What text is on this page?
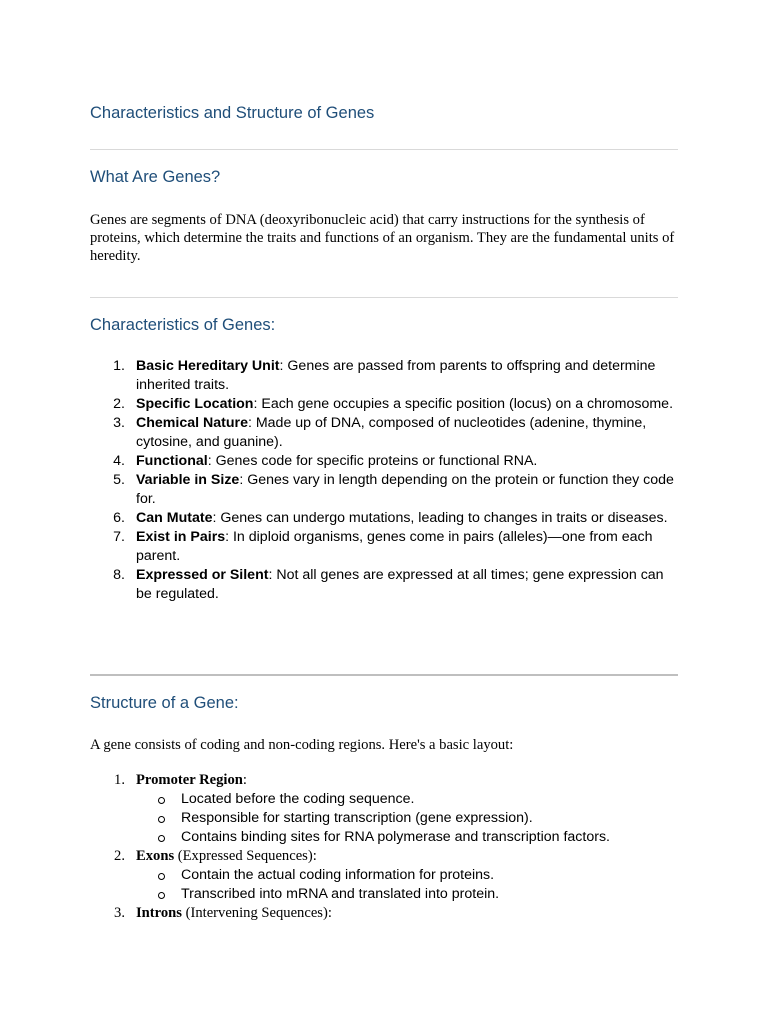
Characteristics and Structure of Genes
What Are Genes?

Genes are segments of DNA (deoxyribonucleic acid) that carry instructions for the synthesis of proteins, which determine the traits and functions of an organism. They are the fundamental units of heredity.

Characteristics of Genes:
1. Basic Hereditary Unit: Genes are passed from parents to offspring and determine inherited traits.
2. Specific Location: Each gene occupies a specific position (locus) on a chromosome.
3. Chemical Nature: Made up of DNA, composed of nucleotides (adenine, thymine, cytosine, and guanine).
4. Functional: Genes code for specific proteins or functional RNA.
5. Variable in Size: Genes vary in length depending on the protein or function they code for.
6. Can Mutate: Genes can undergo mutations, leading to changes in traits or diseases.
7. Exist in Pairs: In diploid organisms, genes come in pairs (alleles)—one from each parent.
8. Expressed or Silent: Not all genes are expressed at all times; gene expression can be regulated.
Structure of a Gene:

A gene consists of coding and non-coding regions. Here's a basic layout:

1. Promoter Region:
Located before the coding sequence.
Responsible for starting transcription (gene expression).
Contains binding sites for RNA polymerase and transcription factors.
2. Exons (Expressed Sequences):
Contain the actual coding information for proteins.
Transcribed into mRNA and translated into protein.
3. Introns (Intervening Sequences):
